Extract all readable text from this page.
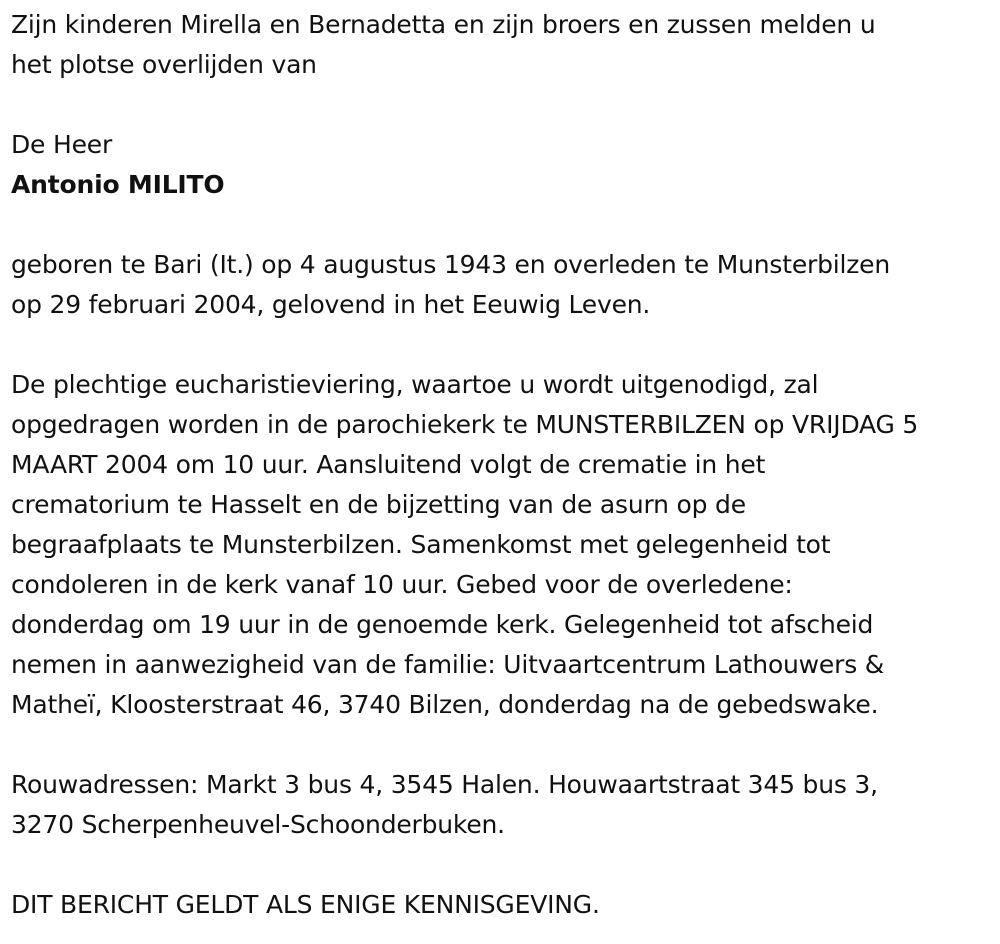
Zijn kinderen Mirella en Bernadetta en zijn broers en zussen melden u
het plotse overlijden van

De Heer

Antonio MILITO

geboren te Bari (It.) op 4 augustus 1943 en overleden te Munsterbilzen
op 29 februari 2004, gelovend in het Eeuwig Leven.

De plechtige eucharistieviering, waartoe u wordt uitgenodigd, zal
opgedragen worden in de parochiekerk te MUNSTERBILZEN op VRIJDAG 5
MAART 2004 om 10 uur. Aansluitend volgt de crematie in het
crematorium te Hasselt en de bijzetting van de asurn op de
begraafplaats te Munsterbilzen. Samenkomst met gelegenheid tot
condoleren in de kerk vanaf 10 uur. Gebed voor de overledene:
donderdag om 19 uur in de genoemde kerk. Gelegenheid tot afscheid
nemen in aanwezigheid van de familie: Uitvaartcentrum Lathouwers &
Matheï, Kloosterstraat 46, 3740 Bilzen, donderdag na de gebedswake.

Rouwadressen: Markt 3 bus 4, 3545 Halen. Houwaartstraat 345 bus 3,
3270 Scherpenheuvel-Schoonderbuken.

DIT BERICHT GELDT ALS ENIGE KENNISGEVING.
